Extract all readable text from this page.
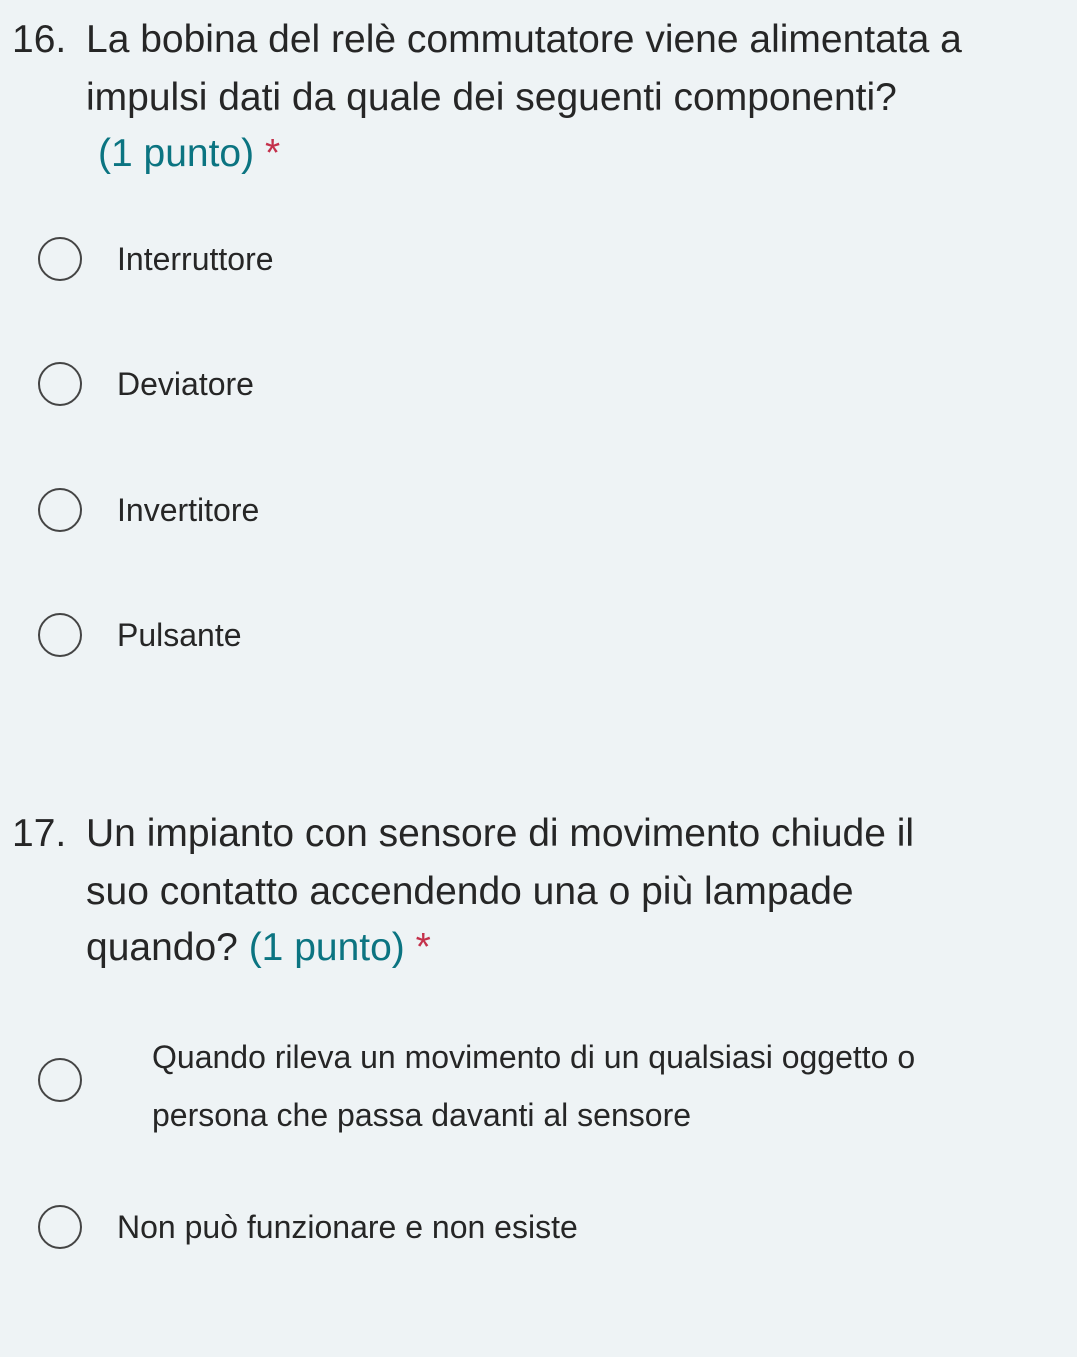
16. La bobina del relè commutatore viene alimentata a
impulsi dati da quale dei seguenti componenti?
(1 punto) *
Interruttore
Deviatore
Invertitore
Pulsante
17. Un impianto con sensore di movimento chiude il
suo contatto accendendo una o più lampade
quando? (1 punto) *
Quando rileva un movimento di un qualsiasi oggetto o
persona che passa davanti al sensore
Non può funzionare e non esiste
